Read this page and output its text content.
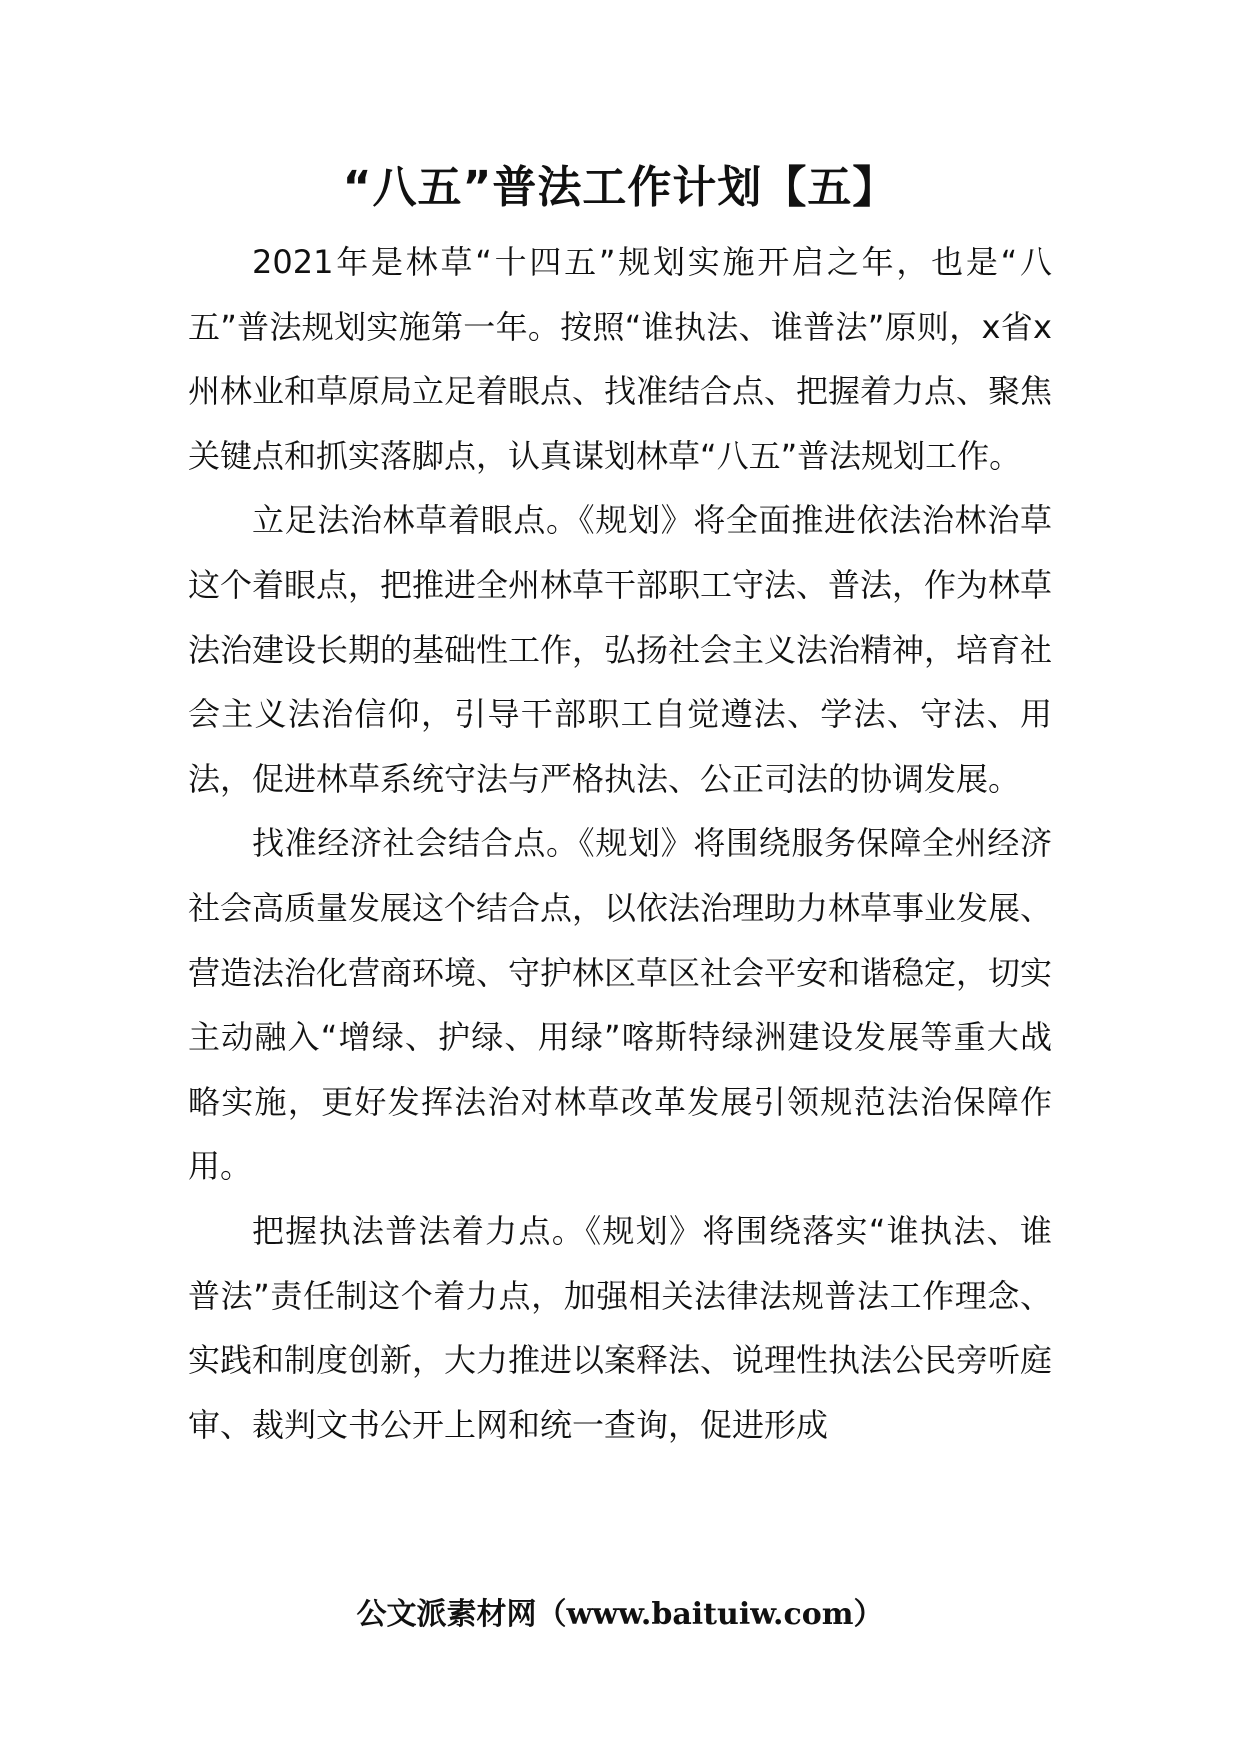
“八五”普法工作计划【五】

2021年是林草“十四五”规划实施开启之年，也是“八五”普法规划实施第一年。按照“谁执法、谁普法”原则，x省x州林业和草原局立足着眼点、找准结合点、把握着力点、聚焦关键点和抓实落脚点，认真谋划林草“八五”普法规划工作。

立足法治林草着眼点。《规划》将全面推进依法治林治草这个着眼点，把推进全州林草干部职工守法、普法，作为林草法治建设长期的基础性工作，弘扬社会主义法治精神，培育社会主义法治信仰，引导干部职工自觉遵法、学法、守法、用法，促进林草系统守法与严格执法、公正司法的协调发展。

找准经济社会结合点。《规划》将围绕服务保障全州经济社会高质量发展这个结合点，以依法治理助力林草事业发展、营造法治化营商环境、守护林区草区社会平安和谐稳定，切实主动融入“增绿、护绿、用绿”喀斯特绿洲建设发展等重大战略实施，更好发挥法治对林草改革发展引领规范法治保障作用。

把握执法普法着力点。《规划》将围绕落实“谁执法、谁普法”责任制这个着力点，加强相关法律法规普法工作理念、实践和制度创新，大力推进以案释法、说理性执法公民旁听庭审、裁判文书公开上网和统一查询，促进形成

公文派素材网（www.baituiw.com）
